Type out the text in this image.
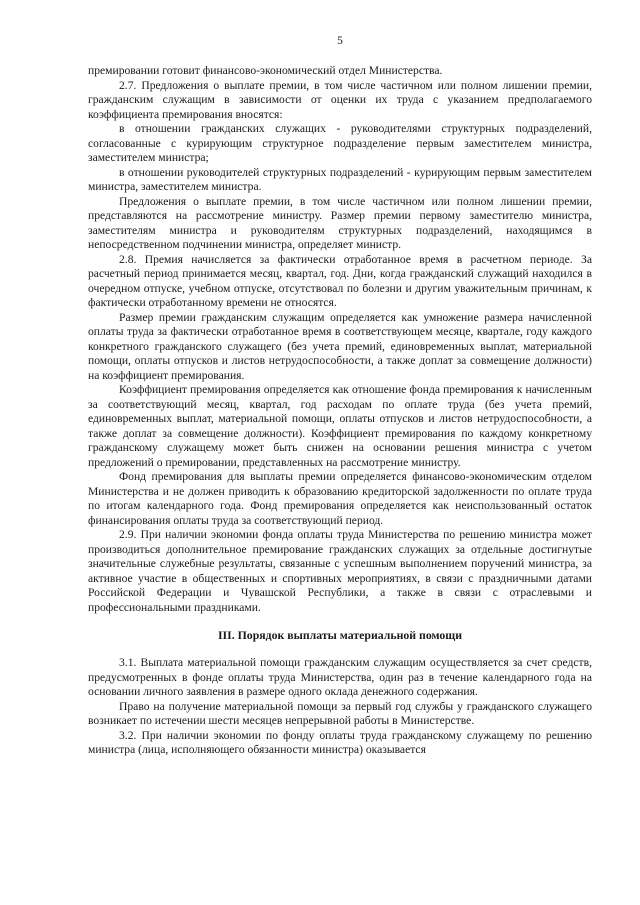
5

премировании готовит финансово-экономический отдел Министерства.

2.7. Предложения о выплате премии, в том числе частичном или полном лишении премии, гражданским служащим в зависимости от оценки их труда с указанием предполагаемого коэффициента премирования вносятся:

в отношении гражданских служащих - руководителями структурных подразделений, согласованные с курирующим структурное подразделение первым заместителем министра, заместителем министра;

в отношении руководителей структурных подразделений - курирующим первым заместителем министра, заместителем министра.

Предложения о выплате премии, в том числе частичном или полном лишении премии, представляются на рассмотрение министру. Размер премии первому заместителю министра, заместителям министра и руководителям структурных подразделений, находящимся в непосредственном подчинении министра, определяет министр.

2.8. Премия начисляется за фактически отработанное время в расчетном периоде. За расчетный период принимается месяц, квартал, год. Дни, когда гражданский служащий находился в очередном отпуске, учебном отпуске, отсутствовал по болезни и другим уважительным причинам, к фактически отработанному времени не относятся.

Размер премии гражданским служащим определяется как умножение размера начисленной оплаты труда за фактически отработанное время в соответствующем месяце, квартале, году каждого конкретного гражданского служащего (без учета премий, единовременных выплат, материальной помощи, оплаты отпусков и листов нетрудоспособности, а также доплат за совмещение должности) на коэффициент премирования.

Коэффициент премирования определяется как отношение фонда премирования к начисленным за соответствующий месяц, квартал, год расходам по оплате труда (без учета премий, единовременных выплат, материальной помощи, оплаты отпусков и листов нетрудоспособности, а также доплат за совмещение должности). Коэффициент премирования по каждому конкретному гражданскому служащему может быть снижен на основании решения министра с учетом предложений о премировании, представленных на рассмотрение министру.

Фонд премирования для выплаты премии определяется финансово-экономическим отделом Министерства и не должен приводить к образованию кредиторской задолженности по оплате труда по итогам календарного года. Фонд премирования определяется как неиспользованный остаток финансирования оплаты труда за соответствующий период.

2.9. При наличии экономии фонда оплаты труда Министерства по решению министра может производиться дополнительное премирование гражданских служащих за отдельные достигнутые значительные служебные результаты, связанные с успешным выполнением поручений министра, за активное участие в общественных и спортивных мероприятиях, в связи с праздничными датами Российской Федерации и Чувашской Республики, а также в связи с отраслевыми и профессиональными праздниками.

III. Порядок выплаты материальной помощи

3.1. Выплата материальной помощи гражданским служащим осуществляется за счет средств, предусмотренных в фонде оплаты труда Министерства, один раз в течение календарного года на основании личного заявления в размере одного оклада денежного содержания.

Право на получение материальной помощи за первый год службы у гражданского служащего возникает по истечении шести месяцев непрерывной работы в Министерстве.

3.2. При наличии экономии по фонду оплаты труда гражданскому служащему по решению министра (лица, исполняющего обязанности министра) оказывается
